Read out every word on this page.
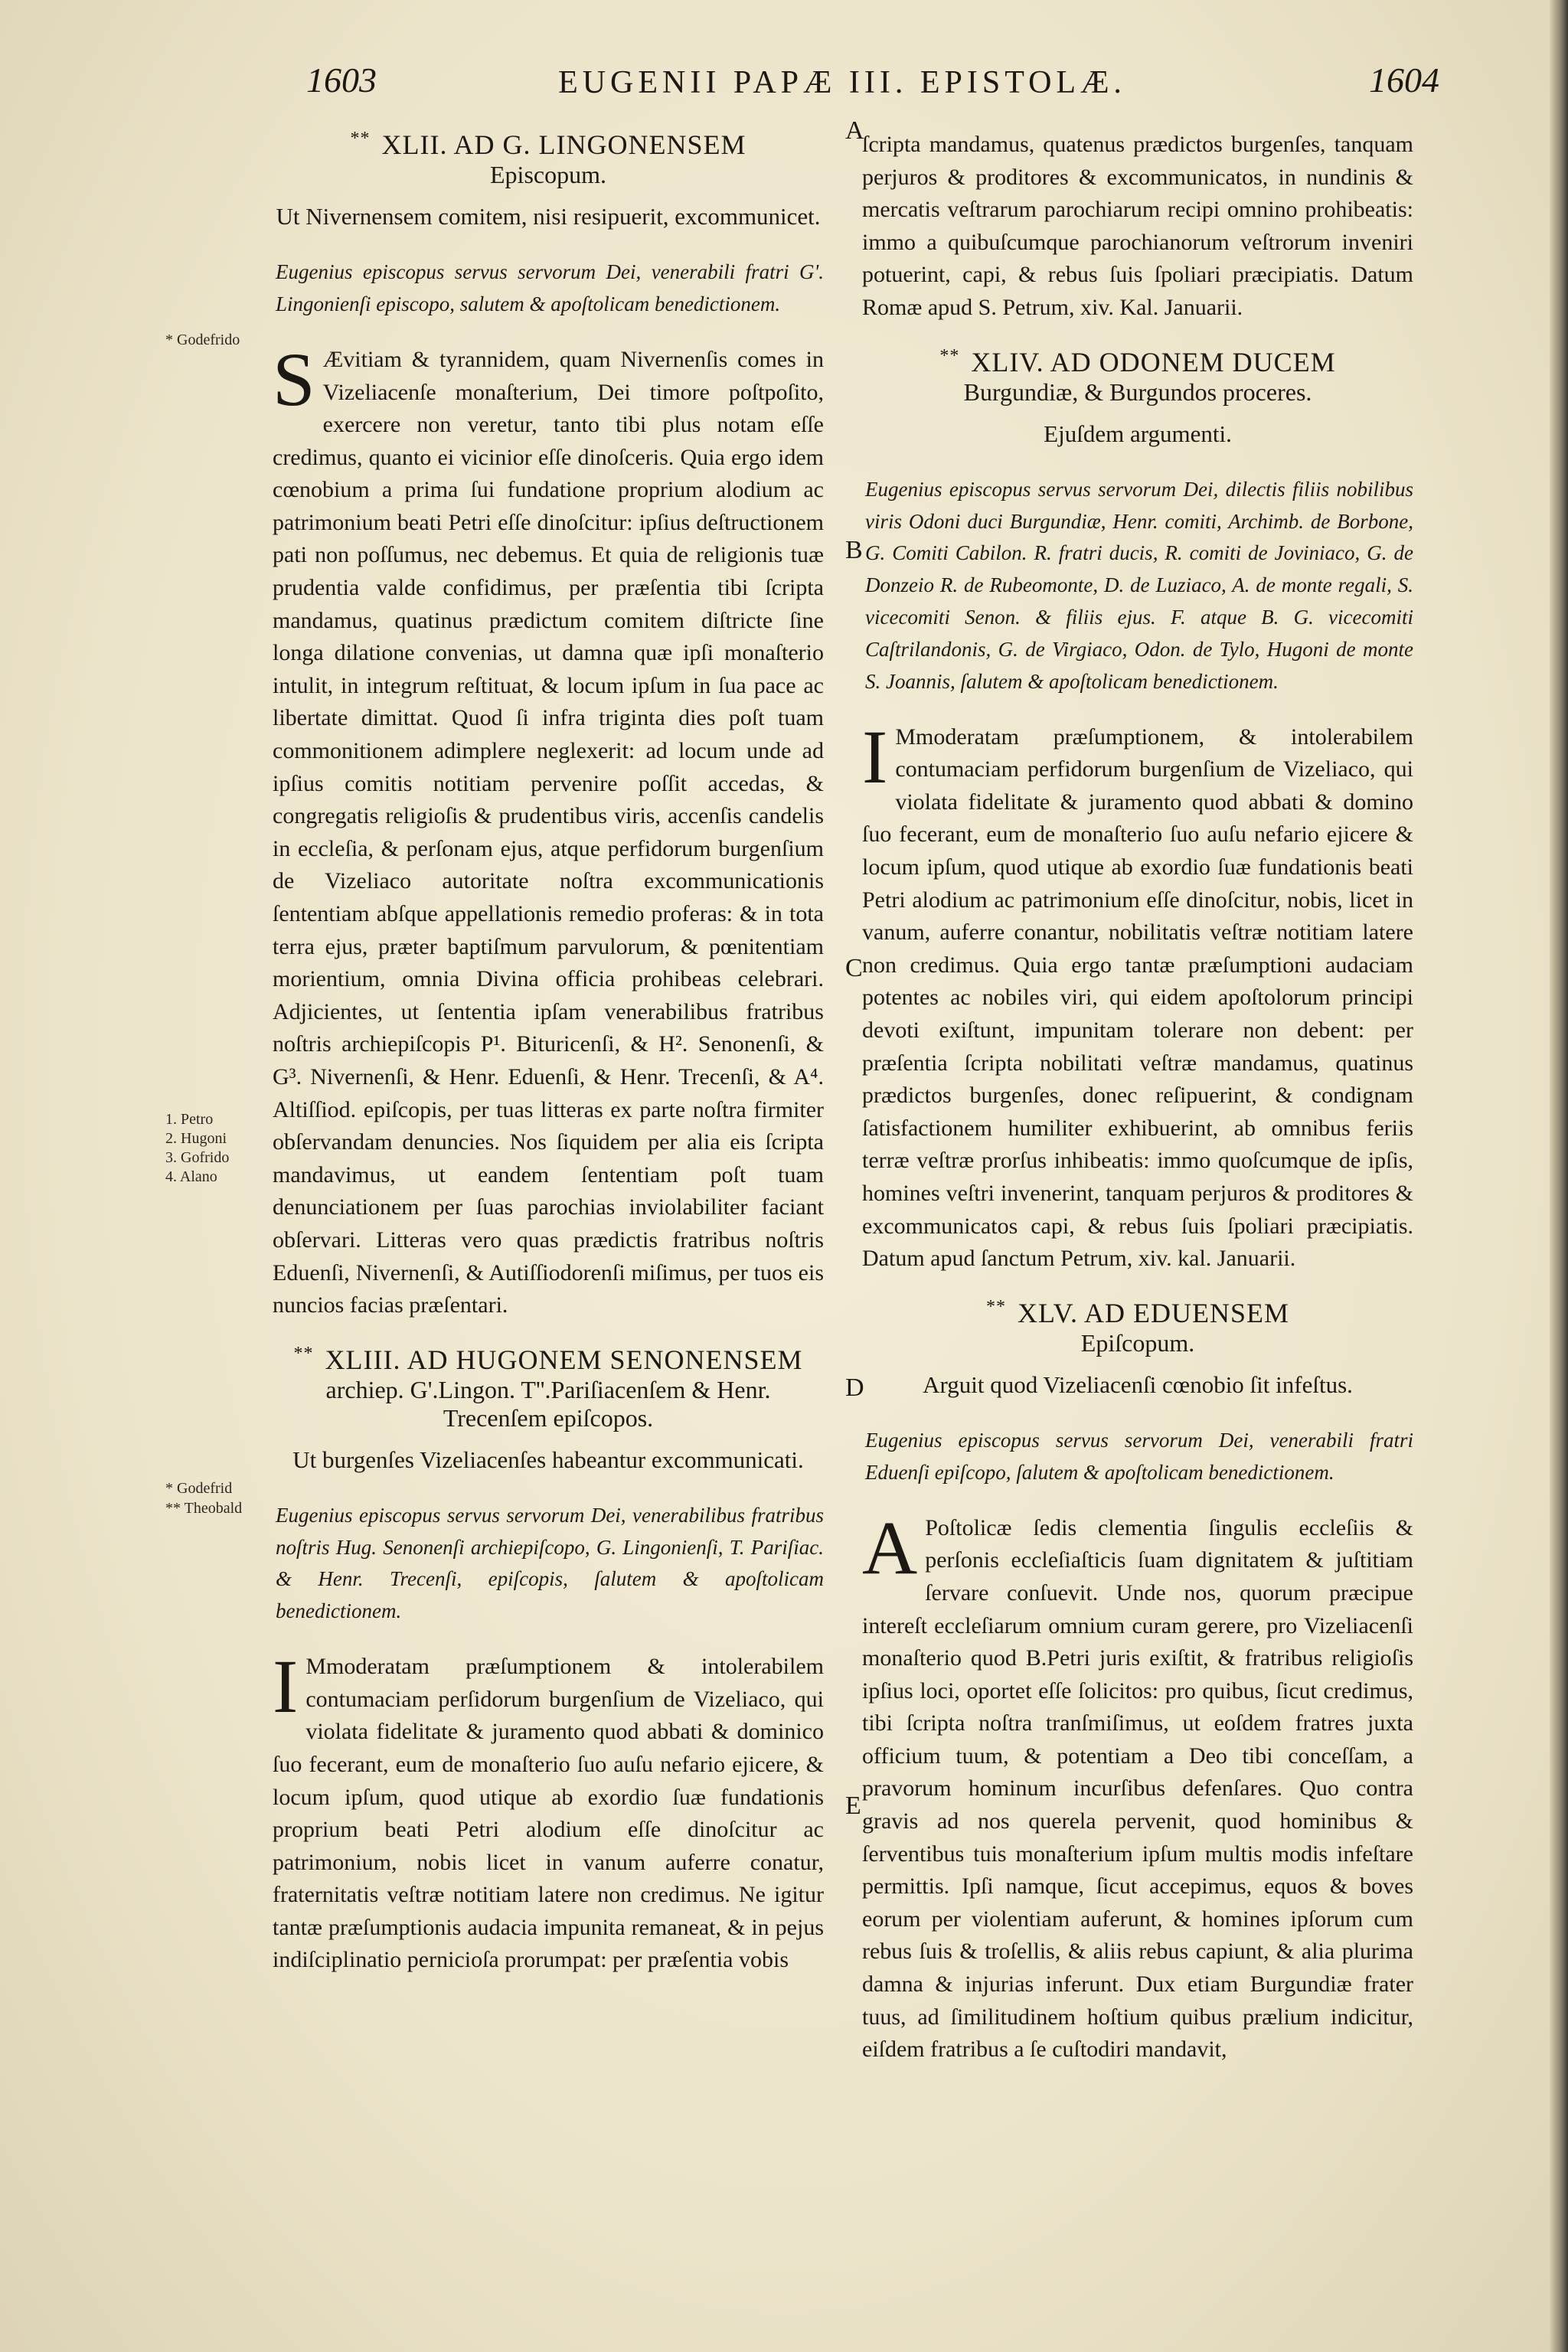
1603	EUGENII PAPÆ III. EPISTOLÆ.	1604
** XLII. AD G. LINGONENSEM
Episcopum.

Ut Nivernensem comitem, nisi resipuerit, excommunicet.

Eugenius episcopus servus servorum Dei, venerabili fratri G'. Lingonienſi episcopo, salutem & apoſtolicam benedictionem.

S Ævitiam & tyrannidem, quam Nivernenſis comes in Vizeliacenſe monaſterium, Dei timore poſtpoſito, exercere non veretur, tanto tibi plus notam eſſe credimus, quanto ei vicinior eſſe dinoſceris. Quia ergo idem cœnobium a prima ſui fundatione proprium alodium ac patrimonium beati Petri eſſe dinoſcitur: ipſius deſtructionem pati non poſſumus, nec debemus. Et quia de religionis tuæ prudentia valde confidimus, per præſentia tibi ſcripta mandamus, quatinus prædictum comitem diſtricte ſine longa dilatione convenias, ut damna quæ ipſi monaſterio intulit, in integrum reſtituat, & locum ipſum in ſua pace ac libertate dimittat. Quod ſi infra triginta dies poſt tuam commonitionem adimplere neglexerit: ad locum unde ad ipſius comitis notitiam pervenire poſſit accedas, & congregatis religioſis & prudentibus viris, accenſis candelis in eccleſia, & perſonam ejus, atque perfidorum burgenſium de Vizeliaco autoritate noſtra excommunicationis ſententiam abſque appellationis remedio proferas: & in tota terra ejus, præter baptiſmum parvulorum, & pœnitentiam morientium, omnia Divina officia prohibeas celebrari. Adjicientes, ut ſententia ipſam venerabilibus fratribus noſtris archiepiſcopis P¹. Bituricenſi, & H². Senonenſi, & G³. Nivernenſi, & Henr. Eduenſi, & Henr. Trecenſi, & A⁴. Altiſſiod. epiſcopis, per tuas litteras ex parte noſtra firmiter obſervandam denuncies. Nos ſiquidem per alia eis ſcripta mandavimus, ut eandem ſententiam poſt tuam denunciationem per ſuas parochias inviolabiliter faciant obſervari. Litteras vero quas prædictis fratribus noſtris Eduenſi, Nivernenſi, & Autiſſiodorenſi miſimus, per tuos eis nuncios facias præſentari.

** XLIII. AD HUGONEM SENONENSEM
archiep. G'.Lingon. T''.Pariſiacenſem & Henr. Trecenſem epiſcopos.

Ut burgenſes Vizeliacenſes habeantur excommunicati.

Eugenius episcopus servus servorum Dei, venerabilibus fratribus noſtris Hug. Senonenſi archiepiſcopo, G. Lingonienſi, T. Pariſiac. & Henr. Trecenſi, epiſcopis, ſalutem & apoſtolicam benedictionem.

I Mmoderatam præſumptionem & intolerabilem contumaciam perſidorum burgenſium de Vizeliaco, qui violata fidelitate & juramento quod abbati & dominico ſuo fecerant, eum de monaſterio ſuo auſu nefario ejicere, & locum ipſum, quod utique ab exordio ſuæ fundationis proprium beati Petri alodium eſſe dinoſcitur ac patrimonium, nobis licet in vanum auferre conatur, fraternitatis veſtræ notitiam latere non credimus. Ne igitur tantæ præſumptionis audacia impunita remaneat, & in pejus indiſciplinatio pernicioſa prorumpat: per præſentia vobis

ſcripta mandamus, quatenus prædictos burgenſes, tanquam perjuros & proditores & excommunicatos, in nundinis & mercatis veſtrarum parochiarum recipi omnino prohibeatis: immo a quibuſcumque parochianorum veſtrorum inveniri potuerint, capi, & rebus ſuis ſpoliari præcipiatis. Datum Romæ apud S. Petrum, xiv. Kal. Januarii.

** XLIV. AD ODONEM DUCEM
Burgundiæ, & Burgundos proceres.

Ejuſdem argumenti.

Eugenius episcopus servus servorum Dei, dilectis filiis nobilibus viris Odoni duci Burgundiæ, Henr. comiti, Archimb. de Borbone, G. Comiti Cabilon. R. fratri ducis, R. comiti de Joviniaco, G. de Donzeio R. de Rubeomonte, D. de Luziaco, A. de monte regali, S. vicecomiti Senon. & filiis ejus. F. atque B. G. vicecomiti Caſtrilandonis, G. de Virgiaco, Odon. de Tylo, Hugoni de monte S. Joannis, ſalutem & apoſtolicam benedictionem.

I Mmoderatam præſumptionem, & intolerabilem contumaciam perfidorum burgenſium de Vizeliaco, qui violata fidelitate & juramento quod abbati & domino ſuo fecerant, eum de monaſterio ſuo auſu nefario ejicere & locum ipſum, quod utique ab exordio ſuæ fundationis beati Petri alodium ac patrimonium eſſe dinoſcitur, nobis, licet in vanum, auferre conantur, nobilitatis veſtræ notitiam latere non credimus. Quia ergo tantæ præſumptioni audaciam potentes ac nobiles viri, qui eidem apoſtolorum principi devoti exiſtunt, impunitam tolerare non debent: per præſentia ſcripta nobilitati veſtræ mandamus, quatinus prædictos burgenſes, donec reſipuerint, & condignam ſatisfactionem humiliter exhibuerint, ab omnibus feriis terræ veſtræ prorſus inhibeatis: immo quoſcumque de ipſis, homines veſtri invenerint, tanquam perjuros & proditores & excommunicatos capi, & rebus ſuis ſpoliari præcipiatis. Datum apud ſanctum Petrum, xiv. kal. Januarii.

** XLV. AD EDUENSEM
Epiſcopum.

Arguit quod Vizeliacenſi cœnobio ſit infeſtus.

Eugenius episcopus servus servorum Dei, venerabili fratri Eduenſi epiſcopo, ſalutem & apoſtolicam benedictionem.

A Poſtolicæ ſedis clementia ſingulis eccleſiis & perſonis eccleſiaſticis ſuam dignitatem & juſtitiam ſervare conſuevit. Unde nos, quorum præcipue intereſt eccleſiarum omnium curam gerere, pro Vizeliacenſi monaſterio quod B.Petri juris exiſtit, & fratribus religioſis ipſius loci, oportet eſſe ſolicitos: pro quibus, ſicut credimus, tibi ſcripta noſtra tranſmiſimus, ut eoſdem fratres juxta officium tuum, & potentiam a Deo tibi conceſſam, a pravorum hominum incurſibus defenſares. Quo contra gravis ad nos querela pervenit, quod hominibus & ſerventibus tuis monaſterium ipſum multis modis infeſtare permittis. Ipſi namque, ſicut accepimus, equos & boves eorum per violentiam auferunt, & homines ipſorum cum rebus ſuis & troſellis, & aliis rebus capiunt, & alia plurima damna & injurias inferunt. Dux etiam Burgundiæ frater tuus, ad ſimilitudinem hoſtium quibus prælium indicitur, eiſdem fratribus a ſe cuſtodiri mandavit,

* Godefrido
1. Petro
2. Hugoni
3. Gofrido
4. Alano
* Godefrid
** Theobald
A
B
C
D
E
